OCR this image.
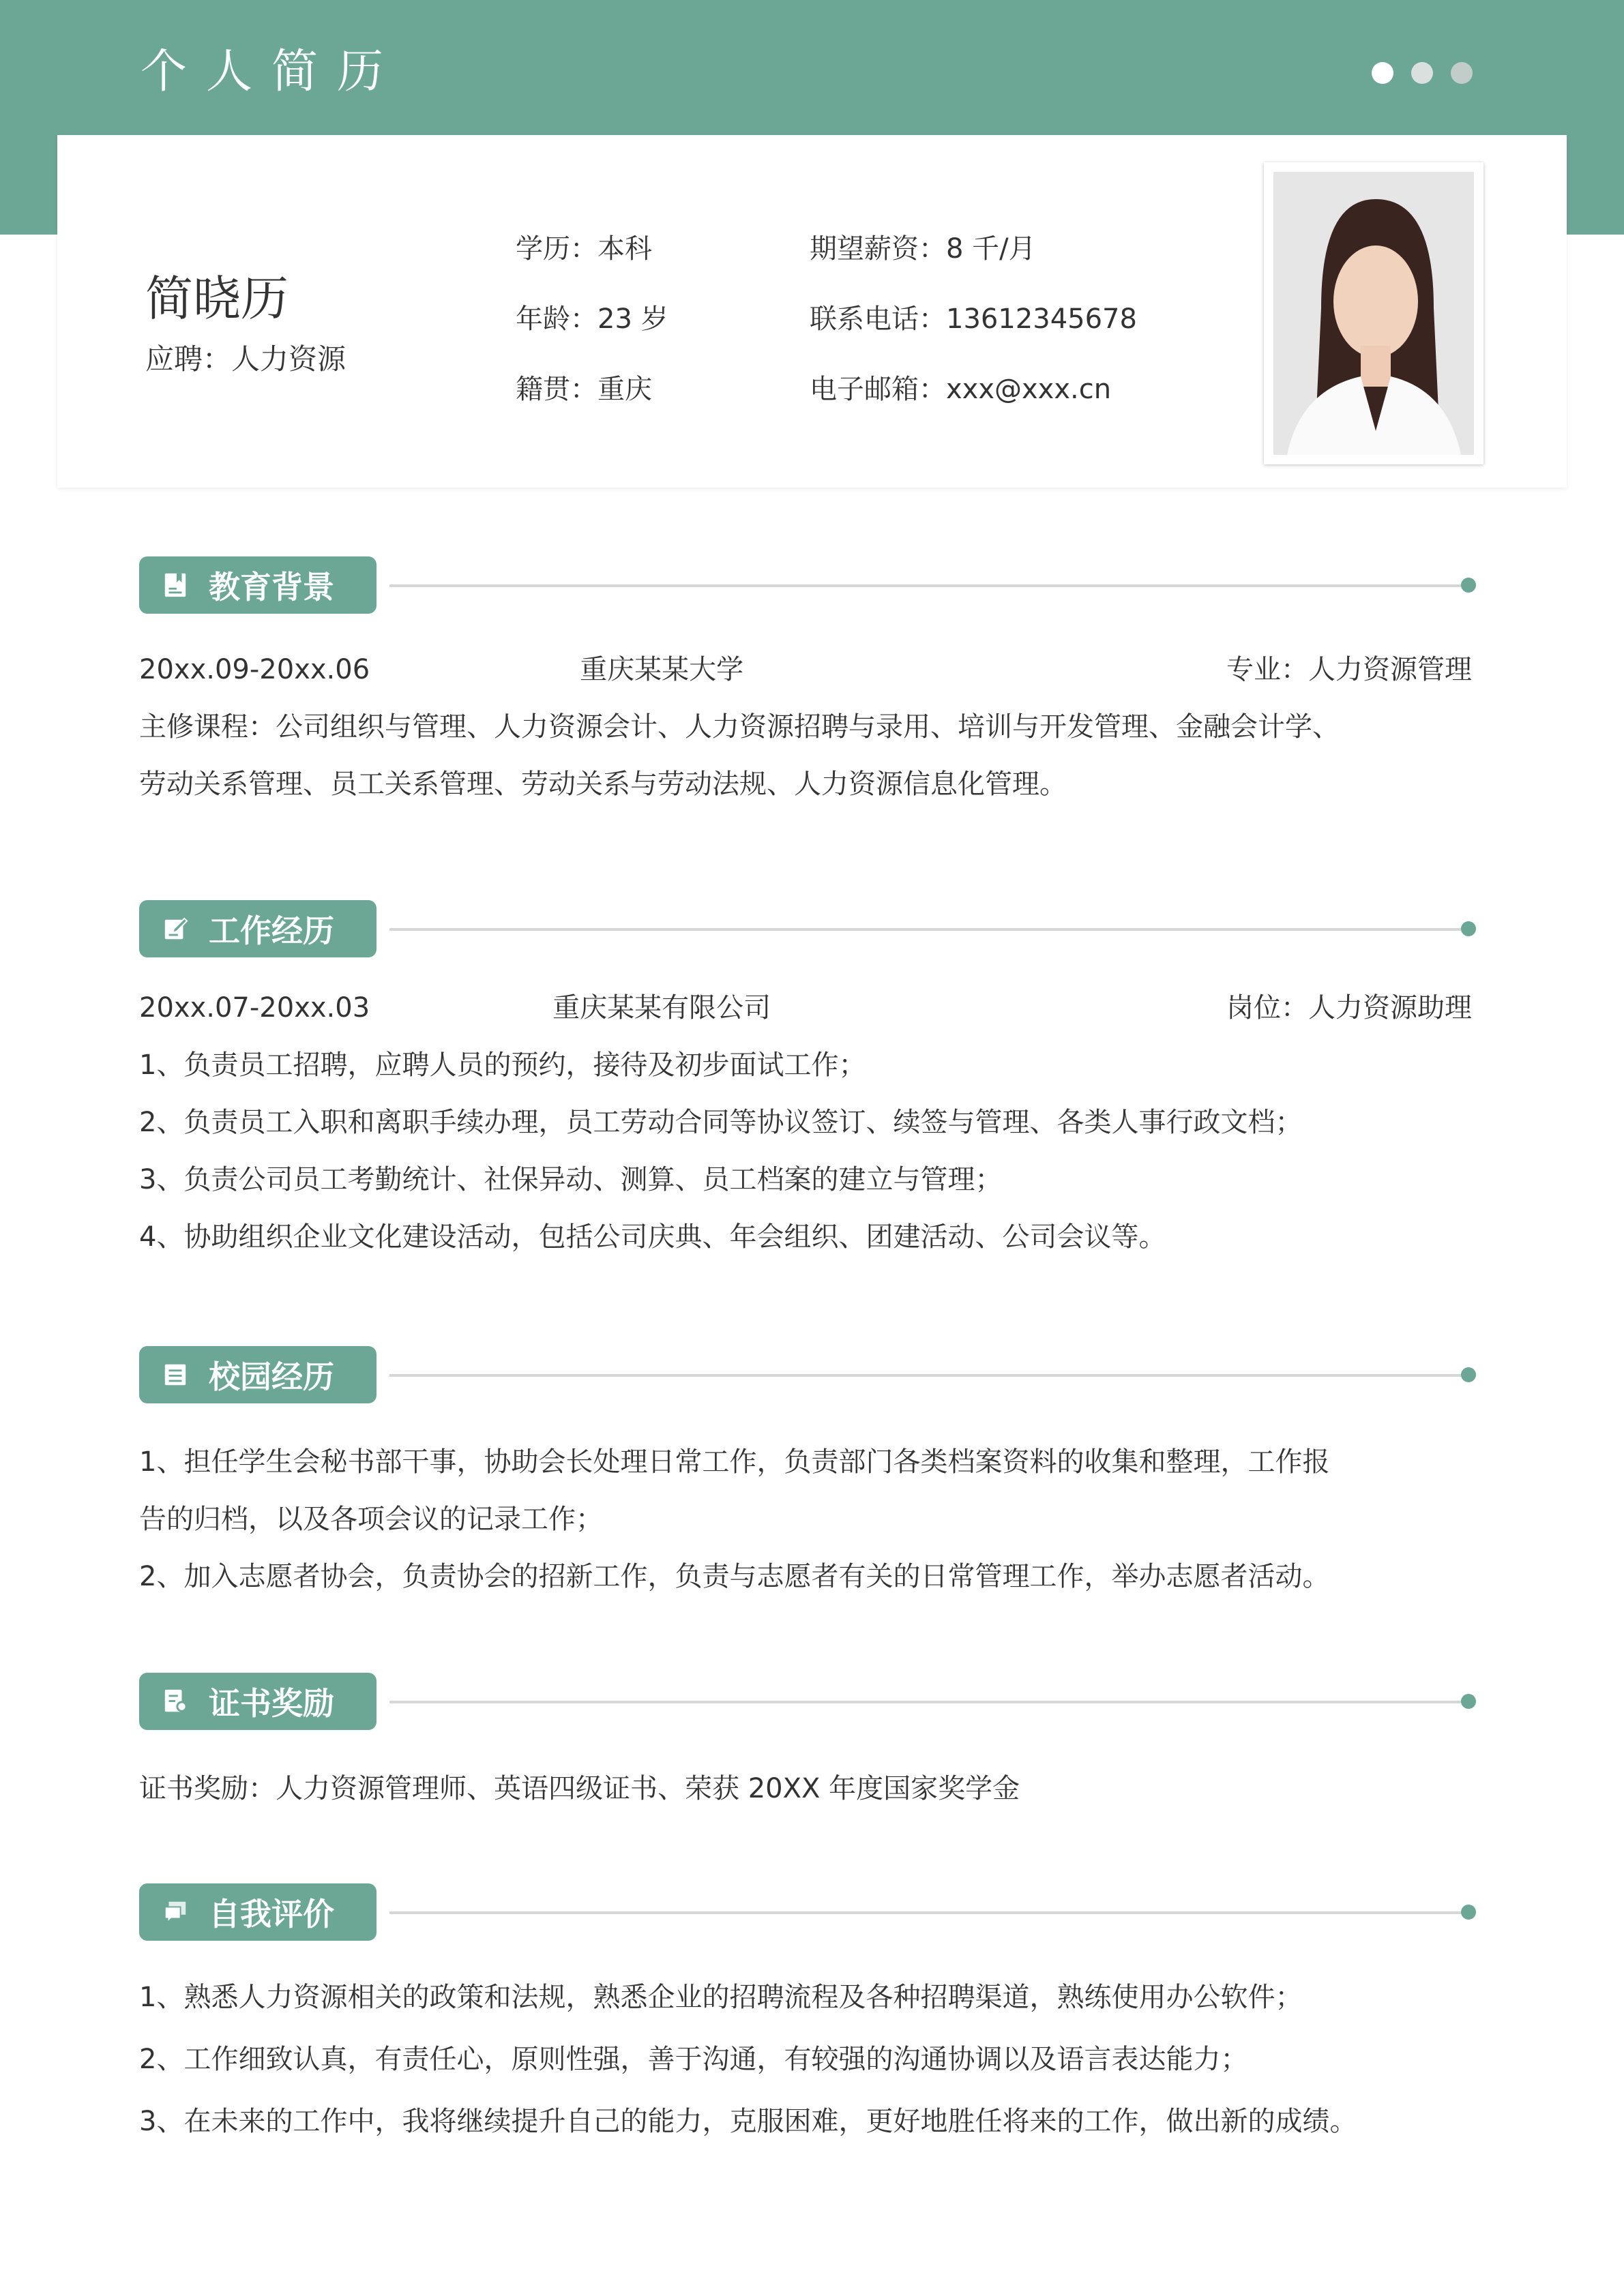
个人简历
简晓历
应聘：人力资源
学历：本科	期望薪资：8 千/月
年龄：23 岁	联系电话：13612345678
籍贯：重庆	电子邮箱：xxx@xxx.cn
教育背景
20xx.09-20xx.06	重庆某某大学	专业：人力资源管理
主修课程：公司组织与管理、人力资源会计、人力资源招聘与录用、培训与开发管理、金融会计学、
劳动关系管理、员工关系管理、劳动关系与劳动法规、人力资源信息化管理。
工作经历
20xx.07-20xx.03	重庆某某有限公司	岗位：人力资源助理
1、负责员工招聘，应聘人员的预约，接待及初步面试工作；
2、负责员工入职和离职手续办理，员工劳动合同等协议签订、续签与管理、各类人事行政文档；
3、负责公司员工考勤统计、社保异动、测算、员工档案的建立与管理；
4、协助组织企业文化建设活动，包括公司庆典、年会组织、团建活动、公司会议等。
校园经历
1、担任学生会秘书部干事，协助会长处理日常工作，负责部门各类档案资料的收集和整理，工作报
告的归档，以及各项会议的记录工作；
2、加入志愿者协会，负责协会的招新工作，负责与志愿者有关的日常管理工作，举办志愿者活动。
证书奖励
证书奖励：人力资源管理师、英语四级证书、荣获 20XX 年度国家奖学金
自我评价
1、熟悉人力资源相关的政策和法规，熟悉企业的招聘流程及各种招聘渠道，熟练使用办公软件；
2、工作细致认真，有责任心，原则性强，善于沟通，有较强的沟通协调以及语言表达能力；
3、在未来的工作中，我将继续提升自己的能力，克服困难，更好地胜任将来的工作，做出新的成绩。
